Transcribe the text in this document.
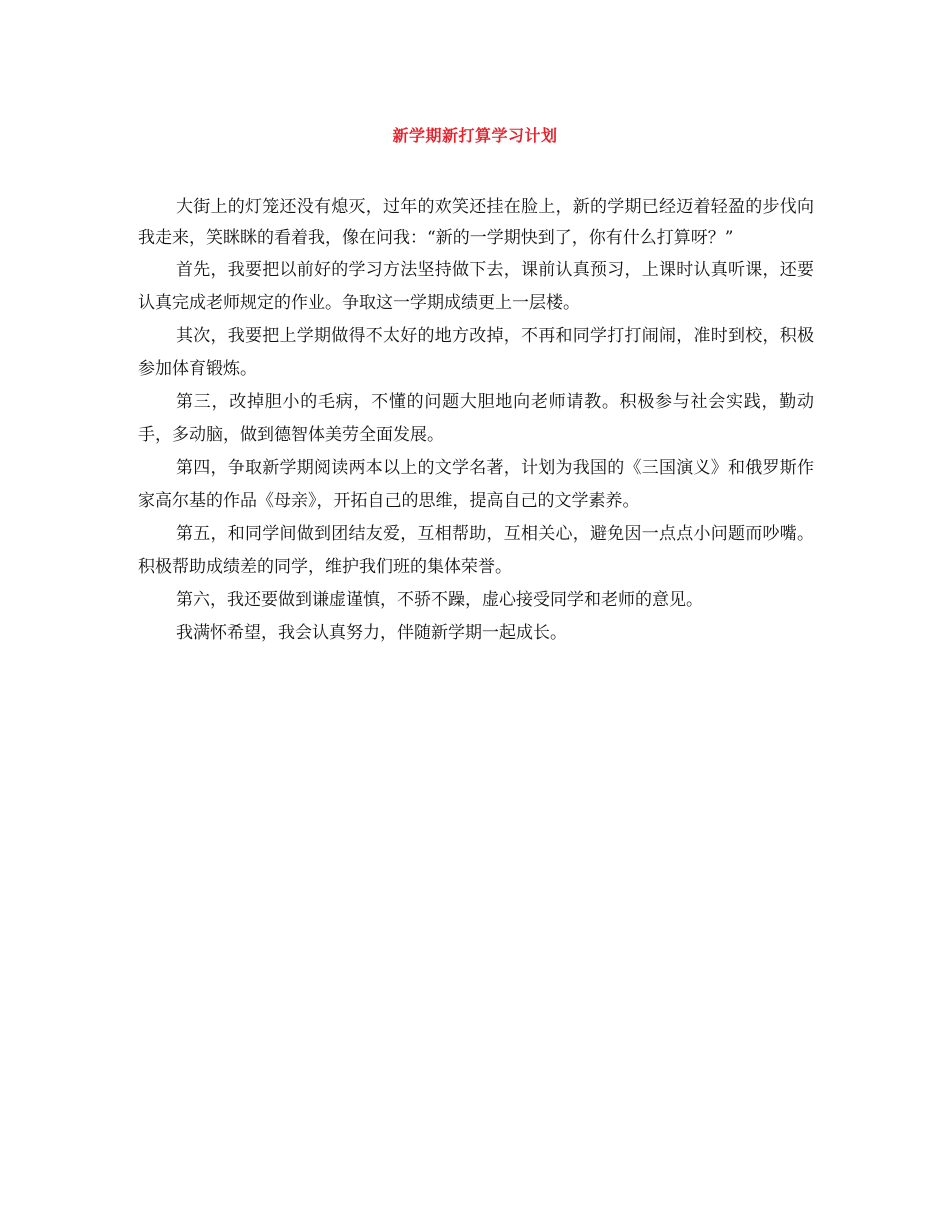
新学期新打算学习计划

大街上的灯笼还没有熄灭，过年的欢笑还挂在脸上，新的学期已经迈着轻盈的步伐向我走来，笑眯眯的看着我，像在问我：“新的一学期快到了，你有什么打算呀？”

首先，我要把以前好的学习方法坚持做下去，课前认真预习，上课时认真听课，还要认真完成老师规定的作业。争取这一学期成绩更上一层楼。

其次，我要把上学期做得不太好的地方改掉，不再和同学打打闹闹，准时到校，积极参加体育锻炼。

第三，改掉胆小的毛病，不懂的问题大胆地向老师请教。积极参与社会实践，勤动手，多动脑，做到德智体美劳全面发展。

第四，争取新学期阅读两本以上的文学名著，计划为我国的《三国演义》和俄罗斯作家高尔基的作品《母亲》，开拓自己的思维，提高自己的文学素养。

第五，和同学间做到团结友爱，互相帮助，互相关心，避免因一点点小问题而吵嘴。积极帮助成绩差的同学，维护我们班的集体荣誉。

第六，我还要做到谦虚谨慎，不骄不躁，虚心接受同学和老师的意见。

我满怀希望，我会认真努力，伴随新学期一起成长。
